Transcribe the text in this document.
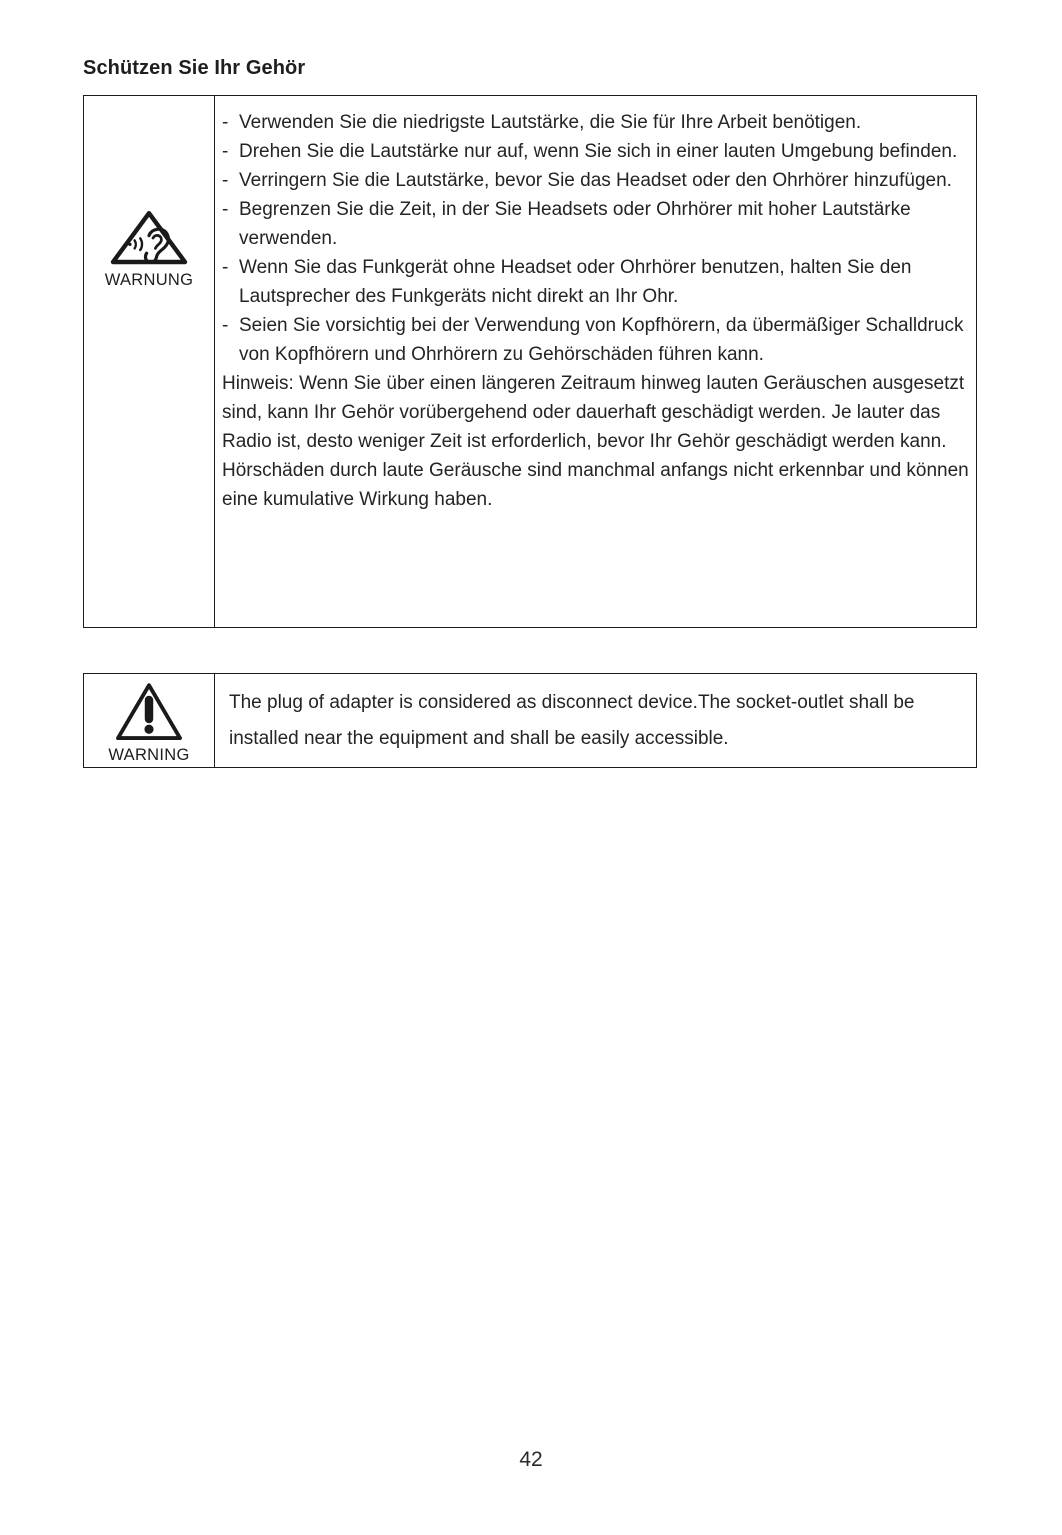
Schützen Sie Ihr Gehör
WARNUNG
- Verwenden Sie die niedrigste Lautstärke, die Sie für Ihre Arbeit benötigen.
- Drehen Sie die Lautstärke nur auf, wenn Sie sich in einer lauten Umgebung befinden.
- Verringern Sie die Lautstärke, bevor Sie das Headset oder den Ohrhörer hinzufügen.
- Begrenzen Sie die Zeit, in der Sie Headsets oder Ohrhörer mit hoher Lautstärke verwenden.
- Wenn Sie das Funkgerät ohne Headset oder Ohrhörer benutzen, halten Sie den Lautsprecher des Funkgeräts nicht direkt an Ihr Ohr.
- Seien Sie vorsichtig bei der Verwendung von Kopfhörern, da übermäßiger Schalldruck von Kopfhörern und Ohrhörern zu Gehörschäden führen kann.
Hinweis: Wenn Sie über einen längeren Zeitraum hinweg lauten Geräuschen ausgesetzt sind, kann Ihr Gehör vorübergehend oder dauerhaft geschädigt werden. Je lauter das Radio ist, desto weniger Zeit ist erforderlich, bevor Ihr Gehör geschädigt werden kann. Hörschäden durch laute Geräusche sind manchmal anfangs nicht erkennbar und können eine kumulative Wirkung haben.
WARNING
The plug of adapter is considered as disconnect device.The socket-outlet shall be installed near the equipment and shall be easily accessible.
42
